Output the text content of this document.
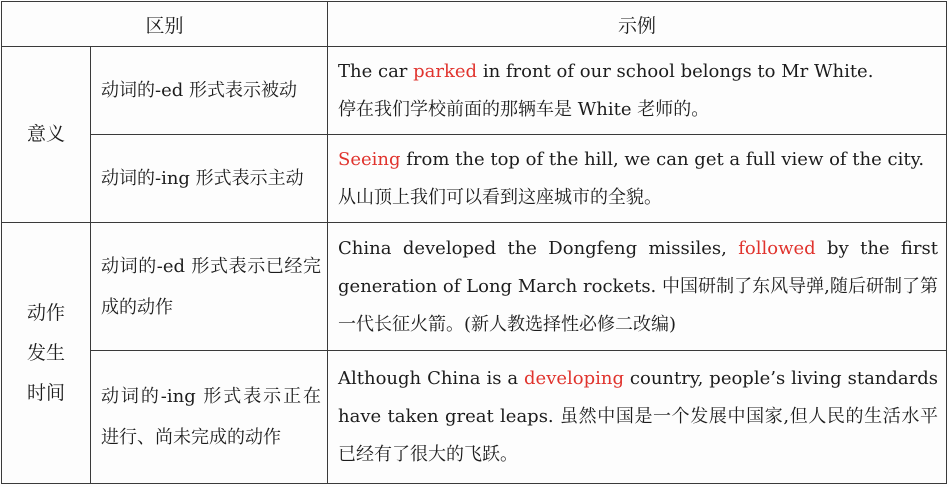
区别		示例
意义	动词的-ed 形式表示被动	The car parked in front of our school belongs to Mr White.
停在我们学校前面的那辆车是 White 老师的。

	动词的-ing 形式表示主动	Seeing from the top of the hill, we can get a full view of the city.
从山顶上我们可以看到这座城市的全貌。

动作发生时间	动词的-ed 形式表示已经完成的动作	China developed the Dongfeng missiles, followed by the first generation of Long March rockets. 中国研制了东风导弹,随后研制了第一代长征火箭。(新人教选择性必修二改编)
	动词的-ing 形式表示正在进行、尚未完成的动作	Although China is a developing country, people’s living standards have taken great leaps. 虽然中国是一个发展中国家,但人民的生活水平已经有了很大的飞跃。
